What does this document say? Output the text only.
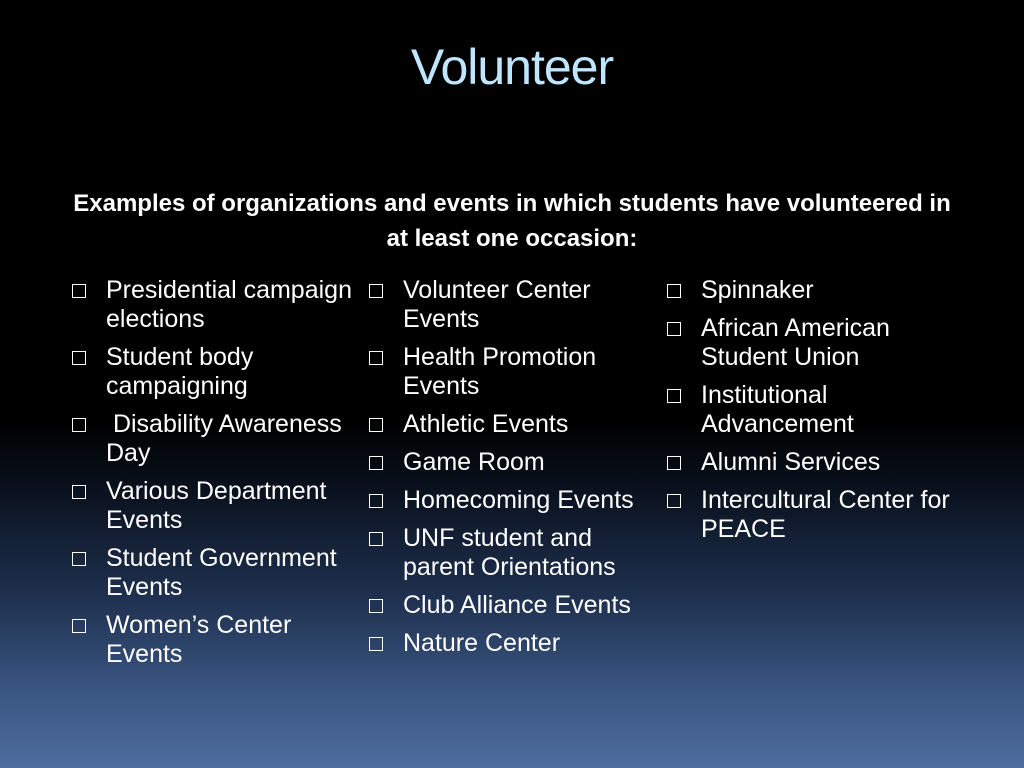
Volunteer
Examples of organizations and events in which students have volunteered in at least one occasion:
Presidential campaign elections
Student body campaigning
Disability Awareness Day
Various Department Events
Student Government Events
Women’s Center Events
Volunteer Center Events
Health Promotion Events
Athletic Events
Game Room
Homecoming Events
UNF student and parent Orientations
Club Alliance Events
Nature Center
Spinnaker
African American Student Union
Institutional Advancement
Alumni Services
Intercultural Center for PEACE
